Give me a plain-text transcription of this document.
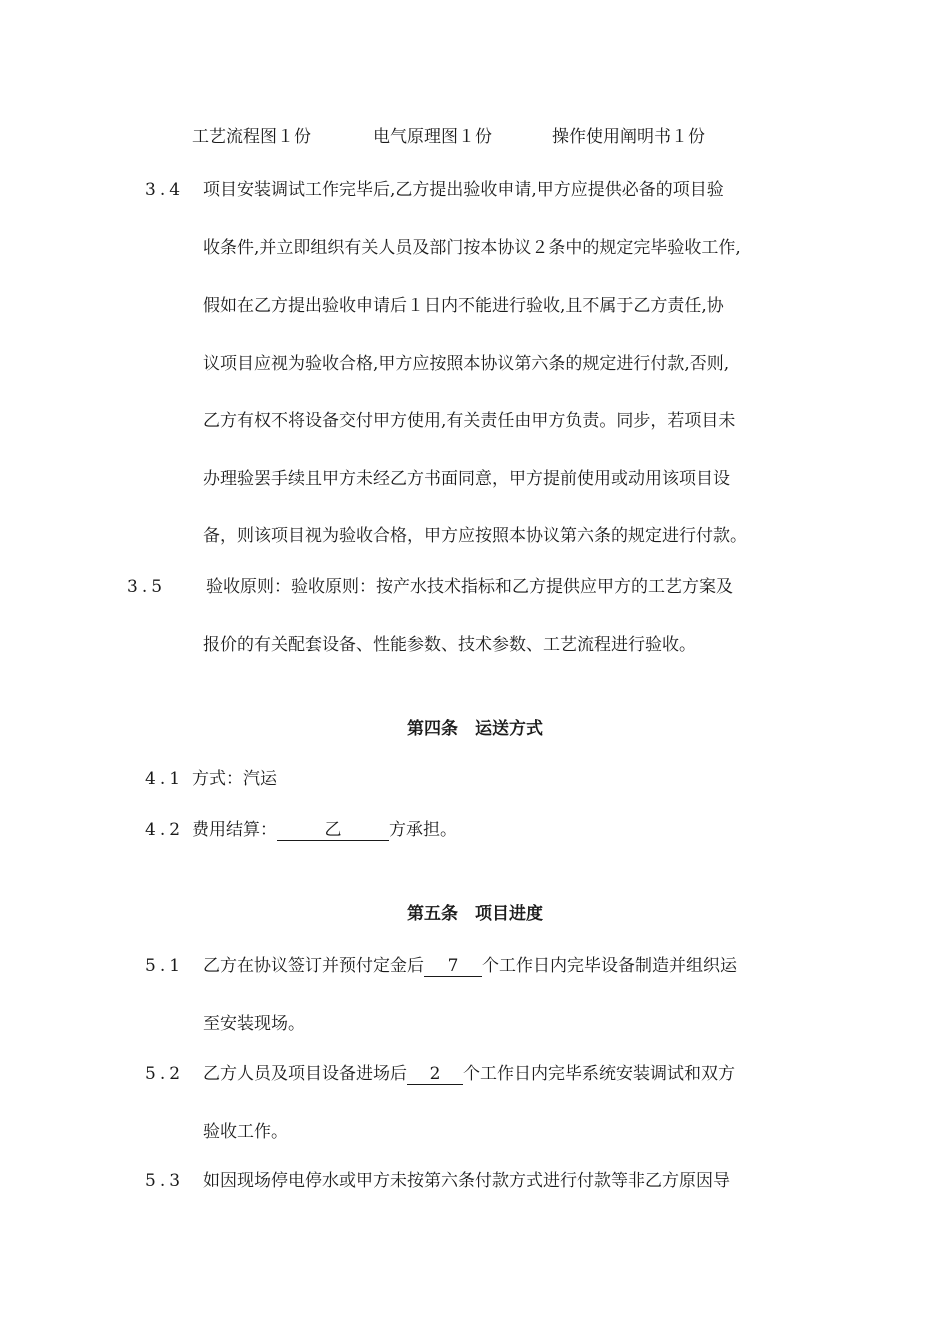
工艺流程图１份	电气原理图１份	操作使用阐明书１份
3.4 项目安装调试工作完毕后,乙方提出验收申请,甲方应提供必备的项目验
收条件,并立即组织有关人员及部门按本协议２条中的规定完毕验收工作,
假如在乙方提出验收申请后１日内不能进行验收,且不属于乙方责任,协
议项目应视为验收合格,甲方应按照本协议第六条的规定进行付款,否则,
乙方有权不将设备交付甲方使用,有关责任由甲方负责。同步，若项目未
办理验罢手续且甲方未经乙方书面同意，甲方提前使用或动用该项目设
备，则该项目视为验收合格，甲方应按照本协议第六条的规定进行付款。
3.5 验收原则：验收原则：按产水技术指标和乙方提供应甲方的工艺方案及
报价的有关配套设备、性能参数、技术参数、工艺流程进行验收。
第四条　运送方式
4.1 方式：汽运
4.2 费用结算：	乙	方承担。
第五条　项目进度
5.1 乙方在协议签订并预付定金后 7 个工作日内完毕设备制造并组织运
至安装现场。
5.2 乙方人员及项目设备进场后 2 个工作日内完毕系统安装调试和双方
验收工作。
5.3 如因现场停电停水或甲方未按第六条付款方式进行付款等非乙方原因导
